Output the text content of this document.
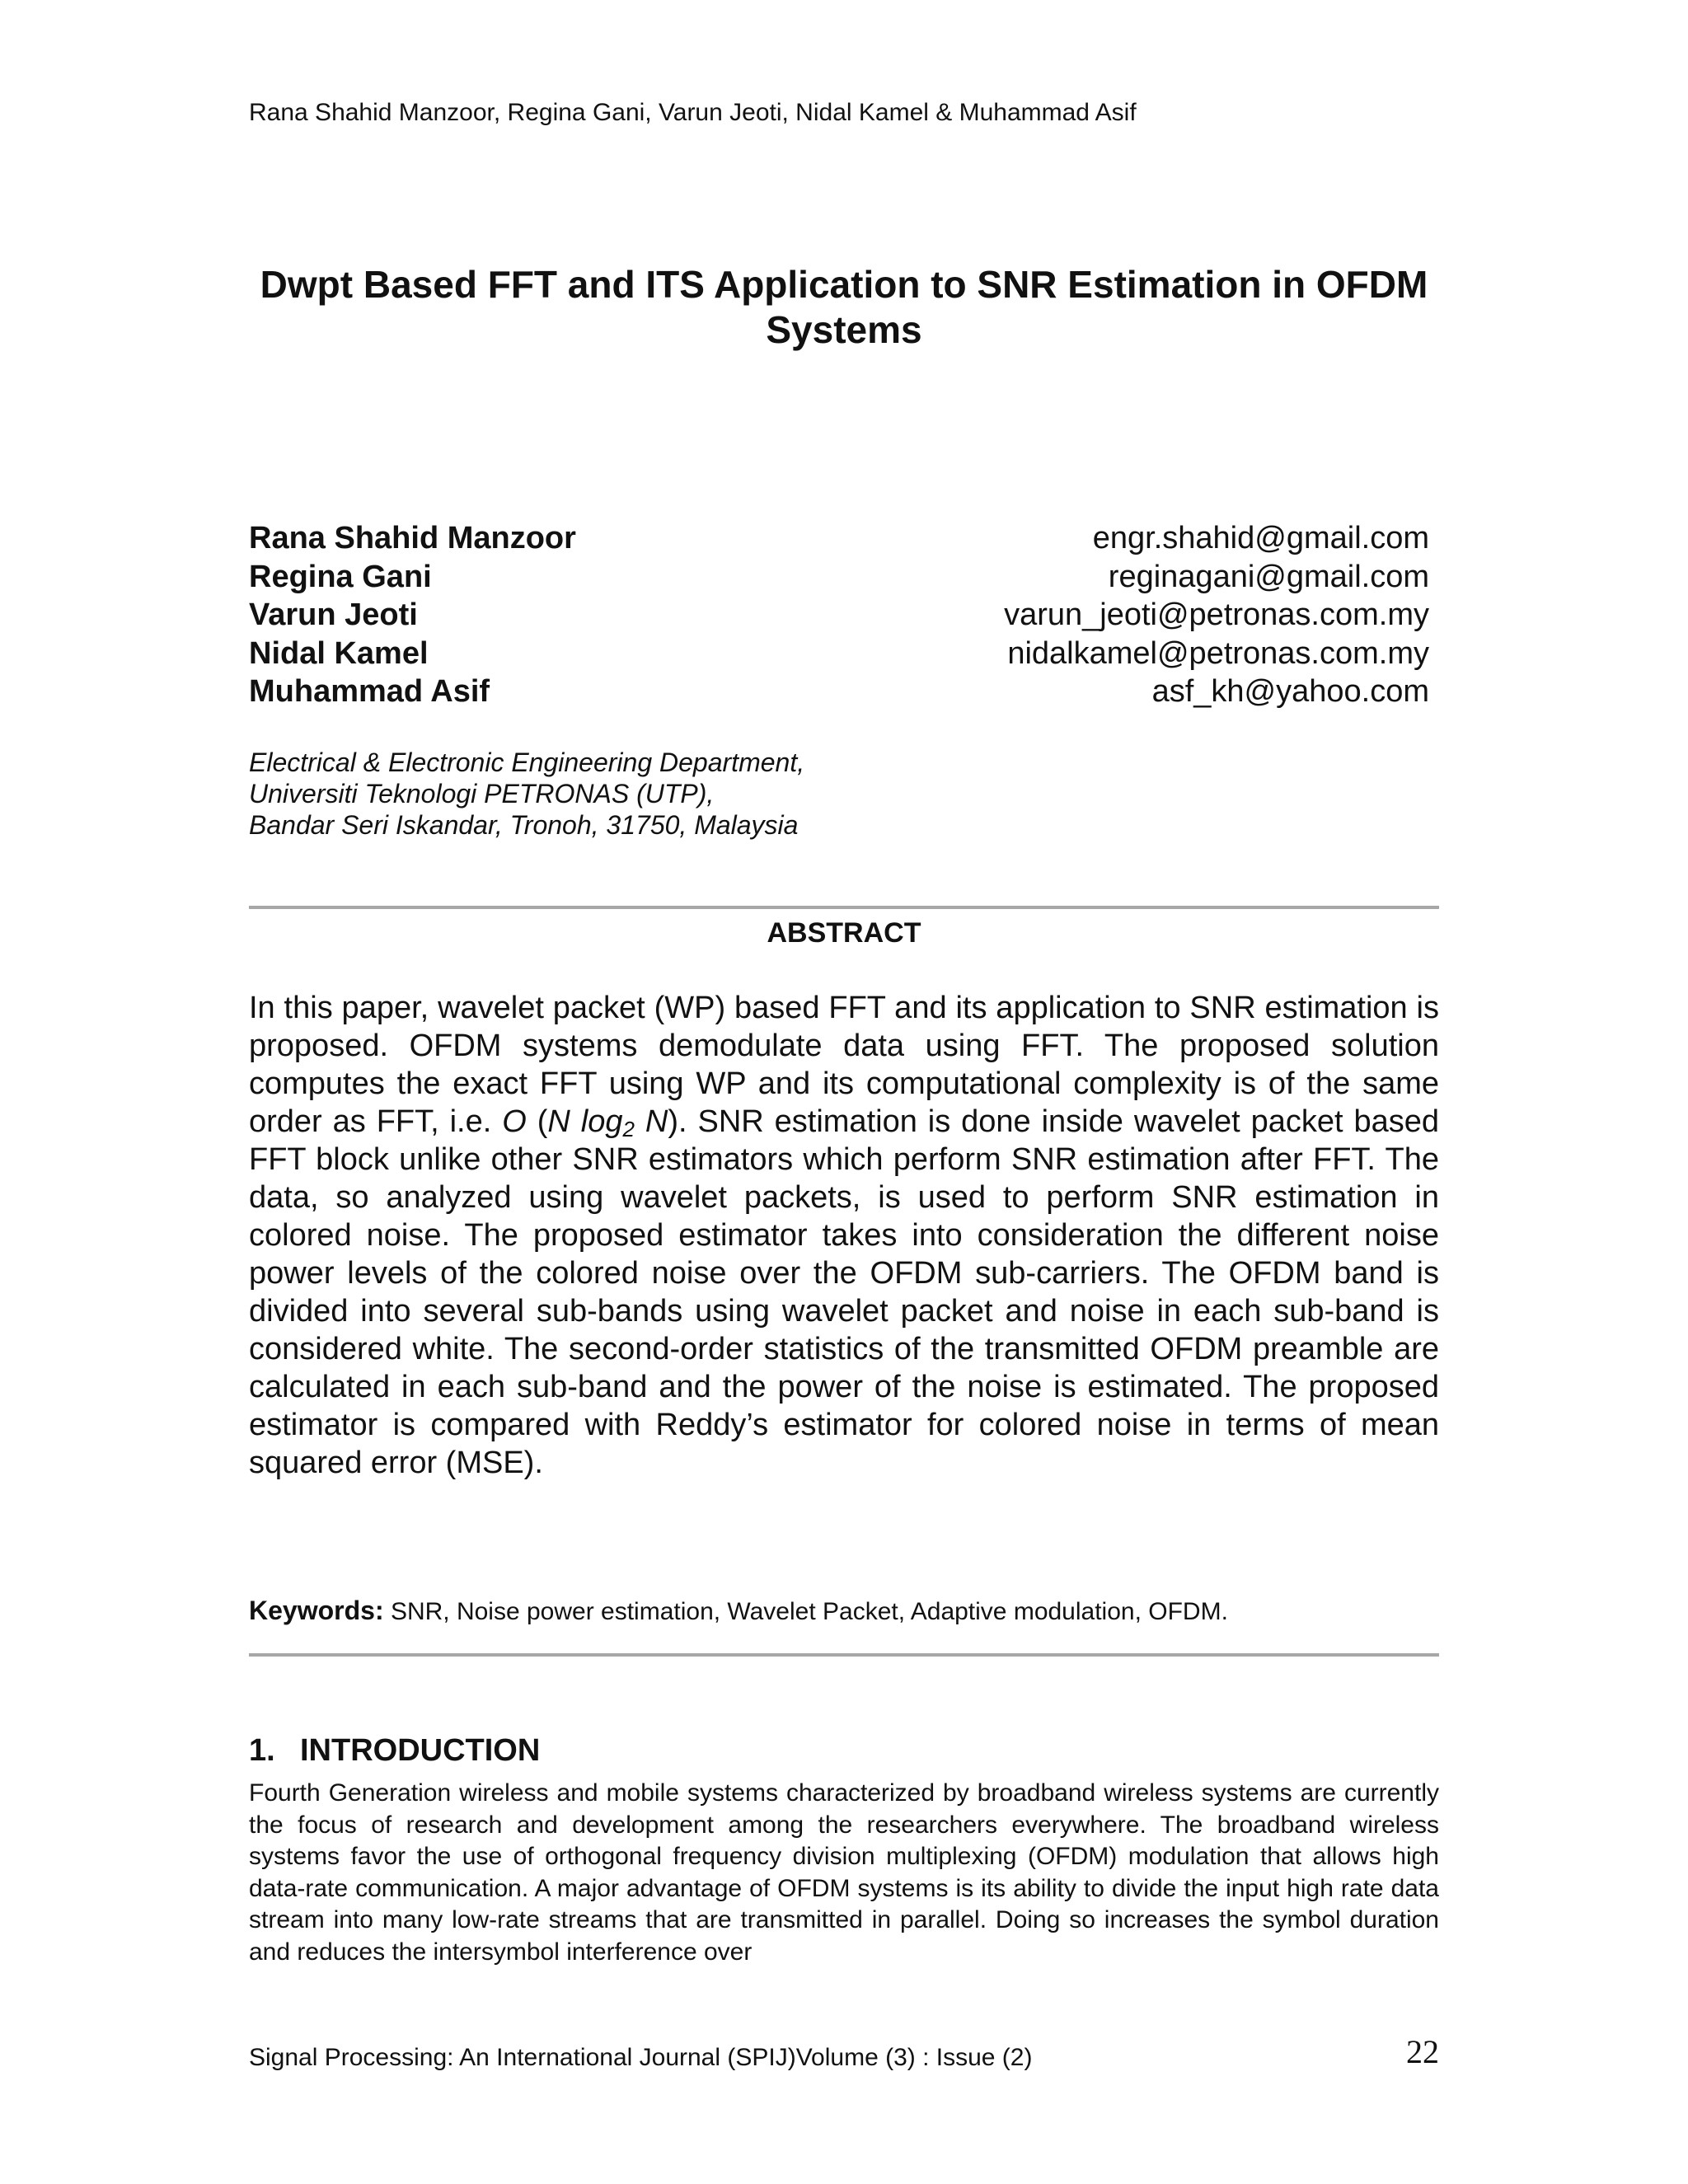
Rana Shahid Manzoor, Regina Gani, Varun Jeoti, Nidal Kamel & Muhammad Asif
Dwpt Based FFT and ITS Application to SNR Estimation in OFDM Systems
Rana Shahid Manzoor	engr.shahid@gmail.com
Regina Gani	reginagani@gmail.com
Varun Jeoti	varun_jeoti@petronas.com.my
Nidal Kamel	nidalkamel@petronas.com.my
Muhammad Asif	asf_kh@yahoo.com
Electrical & Electronic Engineering Department,
Universiti Teknologi PETRONAS (UTP),
Bandar Seri Iskandar, Tronoh, 31750, Malaysia
ABSTRACT
In this paper, wavelet packet (WP) based FFT and its application to SNR estimation is proposed. OFDM systems demodulate data using FFT. The proposed solution computes the exact FFT using WP and its computational complexity is of the same order as FFT, i.e. O (N $\log_2 N$). SNR estimation is done inside wavelet packet based FFT block unlike other SNR estimators which perform SNR estimation after FFT. The data, so analyzed using wavelet packets, is used to perform SNR estimation in colored noise. The proposed estimator takes into consideration the different noise power levels of the colored noise over the OFDM sub-carriers. The OFDM band is divided into several sub-bands using wavelet packet and noise in each sub-band is considered white. The second-order statistics of the transmitted OFDM preamble are calculated in each sub-band and the power of the noise is estimated. The proposed estimator is compared with Reddy’s estimator for colored noise in terms of mean squared error (MSE).
Keywords: SNR, Noise power estimation, Wavelet Packet, Adaptive modulation, OFDM.
1. INTRODUCTION
Fourth Generation wireless and mobile systems characterized by broadband wireless systems are currently the focus of research and development among the researchers everywhere. The broadband wireless systems favor the use of orthogonal frequency division multiplexing (OFDM) modulation that allows high data-rate communication. A major advantage of OFDM systems is its ability to divide the input high rate data stream into many low-rate streams that are transmitted in parallel. Doing so increases the symbol duration and reduces the intersymbol interference over
Signal Processing: An International Journal (SPIJ)Volume (3) : Issue (2)	22
